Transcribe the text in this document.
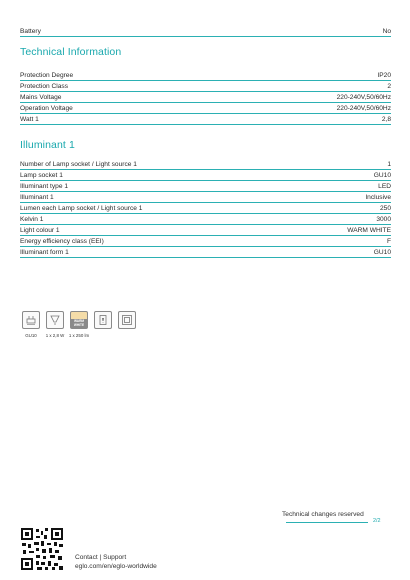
Battery	No
Technical Information
Protection Degree	IP20
Protection Class	2
Mains Voltage	220-240V,50/60Hz
Operation Voltage	220-240V,50/60Hz
Watt 1	2,8
Illuminant 1
Number of Lamp socket / Light source 1	1
Lamp socket 1	GU10
Illuminant type 1	LED
Illuminant 1	Inclusive
Lumen each Lamp socket / Light source 1	250
Kelvin 1	3000
Light colour 1	WARM WHITE
Energy efficiency class (EEI)	F
Illuminant form 1	GU10
GU10	1 x 2,8 W
WARM WHITE
1 x 250 lm
Technical changes reserved
2/2
Contact | Support
eglo.com/en/eglo-worldwide
